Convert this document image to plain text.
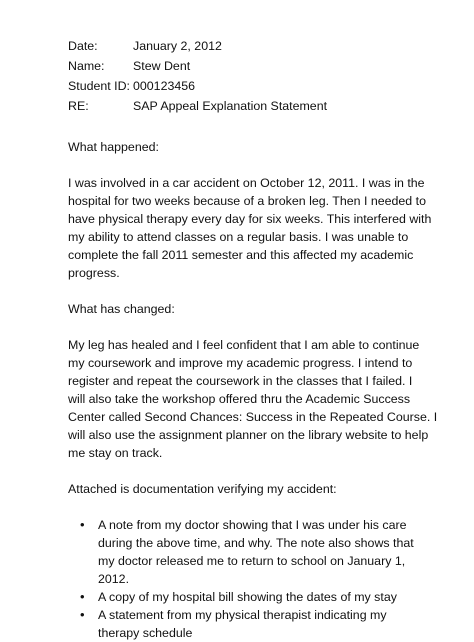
Date:	January 2, 2012
Name:	Stew Dent
Student ID: 000123456
RE:	SAP Appeal Explanation Statement
What happened:
I was involved in a car accident on October 12, 2011. I was in the
hospital for two weeks because of a broken leg. Then I needed to
have physical therapy every day for six weeks. This interfered with
my ability to attend classes on a regular basis. I was unable to
complete the fall 2011 semester and this affected my academic
progress.
What has changed:
My leg has healed and I feel confident that I am able to continue
my coursework and improve my academic progress. I intend to
register and repeat the coursework in the classes that I failed. I
will also take the workshop offered thru the Academic Success
Center called Second Chances: Success in the Repeated Course. I
will also use the assignment planner on the library website to help
me stay on track.
Attached is documentation verifying my accident:
• A note from my doctor showing that I was under his care
during the above time, and why. The note also shows that
my doctor released me to return to school on January 1,
2012.
• A copy of my hospital bill showing the dates of my stay
• A statement from my physical therapist indicating my
therapy schedule
